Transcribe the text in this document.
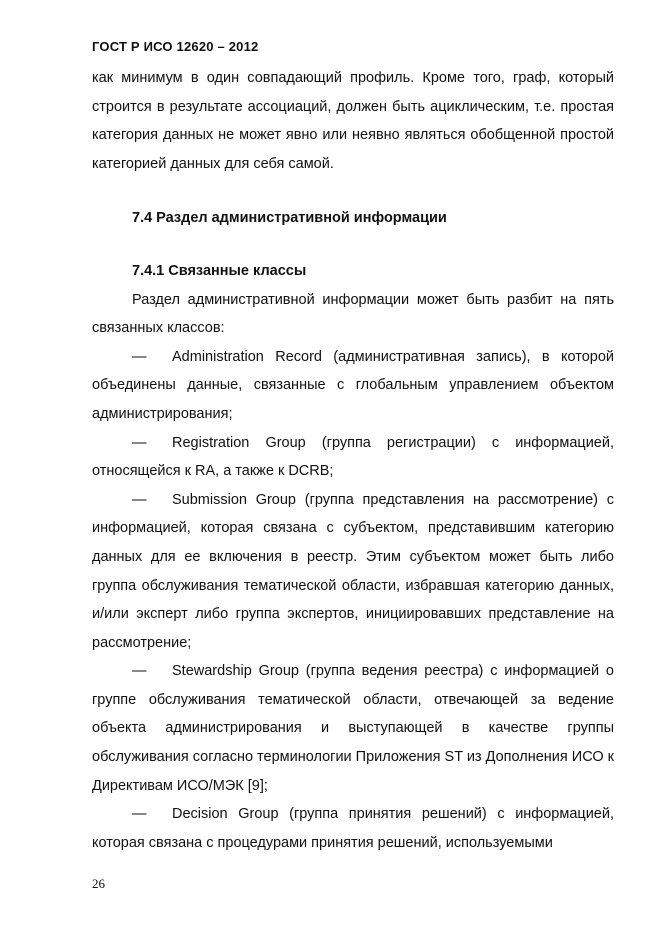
ГОСТ Р ИСО 12620 – 2012

как минимум в один совпадающий профиль. Кроме того, граф, который строится в результате ассоциаций, должен быть ацикличеcким, т.е. простая категория данных не может явно или неявно являться обобщенной простой категорией данных для себя самой.

7.4 Раздел административной информации
7.4.1 Связанные классы

Раздел административной информации может быть разбит на пять связанных классов:

— Administration Record (административная запись), в которой объединены данные, связанные с глобальным управлением объектом администрирования;

— Registration Group (группа регистрации) с информацией, относящейся к RA, а также к DCRB;

— Submission Group (группа представления на рассмотрение) с информацией, которая связана с субъектом, представившим категорию данных для ее включения в реестр. Этим субъектом может быть либо группа обслуживания тематической области, избравшая категорию данных, и/или эксперт либо группа экспертов, инициировавших представление на рассмотрение;

— Stewardship Group (группа ведения реестра) с информацией о группе обслуживания тематической области, отвечающей за ведение объекта администрирования и выступающей в качестве группы обслуживания согласно терминологии Приложения ST из Дополнения ИСО к Директивам ИСО/МЭК [9];

— Decision Group (группа принятия решений) с информацией, которая связана с процедурами принятия решений, используемыми

26
